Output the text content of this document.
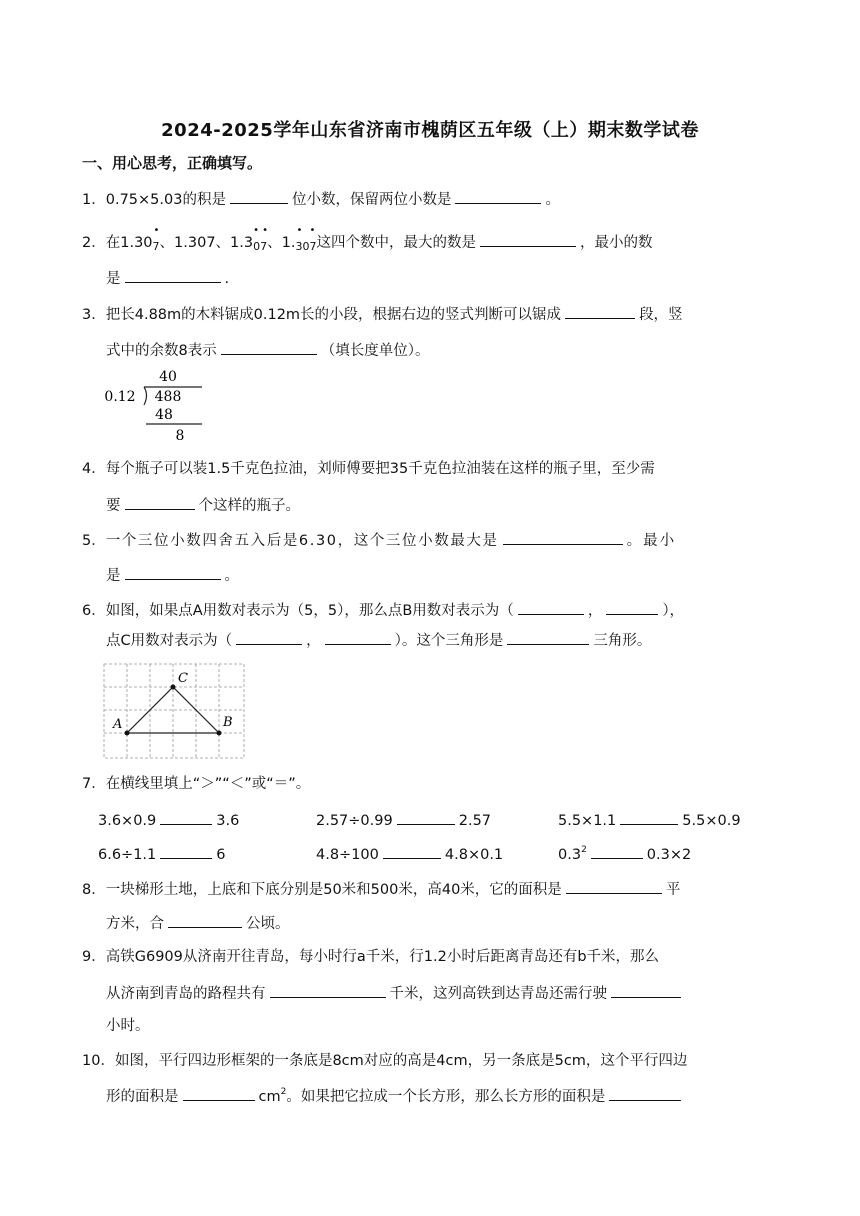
2024-2025学年山东省济南市槐荫区五年级（上）期末数学试卷
一、用心思考，正确填写。
1．0.75×5.03的积是	位小数，保留两位小数是	。
2．在1.30
•
$_7$、1.307、1.3
• •
$_{07}$、1.
•
$_3$
•
$_{07}$这四个数中，最大的数是	，最小的数
是	.
3．把长4.88m的木料锯成0.12m长的小段，根据右边的竖式判断可以锯成	段，竖
式中的余数8表示	（填长度单位）。
40
0.12 488
48
8
4．每个瓶子可以装1.5千克色拉油，刘师傅要把35千克色拉油装在这样的瓶子里，至少需
要	个这样的瓶子。
5．一个三位小数四舍五入后是6.30，这个三位小数最大是	。最小
是	。
6．如图，如果点A用数对表示为（5，5），那么点B用数对表示为（	，	），
点C用数对表示为（	，	）。这个三角形是	三角形。
A	B
C
7．在横线里填上“＞”“＜”或“＝”。
3.6×0.9	3.6	2.57÷0.99	2.57	5.5×1.1	5.5×0.9
6.6÷1.1	6	4.8÷100	4.8×0.1	$0.3^2$	0.3×2
8．一块梯形土地，上底和下底分别是50米和500米，高40米，它的面积是	平
方米，合	公顷。
9．高铁G6909从济南开往青岛，每小时行a千米，行1.2小时后距离青岛还有b千米，那么
从济南到青岛的路程共有	千米，这列高铁到达青岛还需行驶
小时。
10．如图，平行四边形框架的一条底是8cm对应的高是4cm，另一条底是5cm，这个平行四边
形的面积是	$cm^2$。如果把它拉成一个长方形，那么长方形的面积是
